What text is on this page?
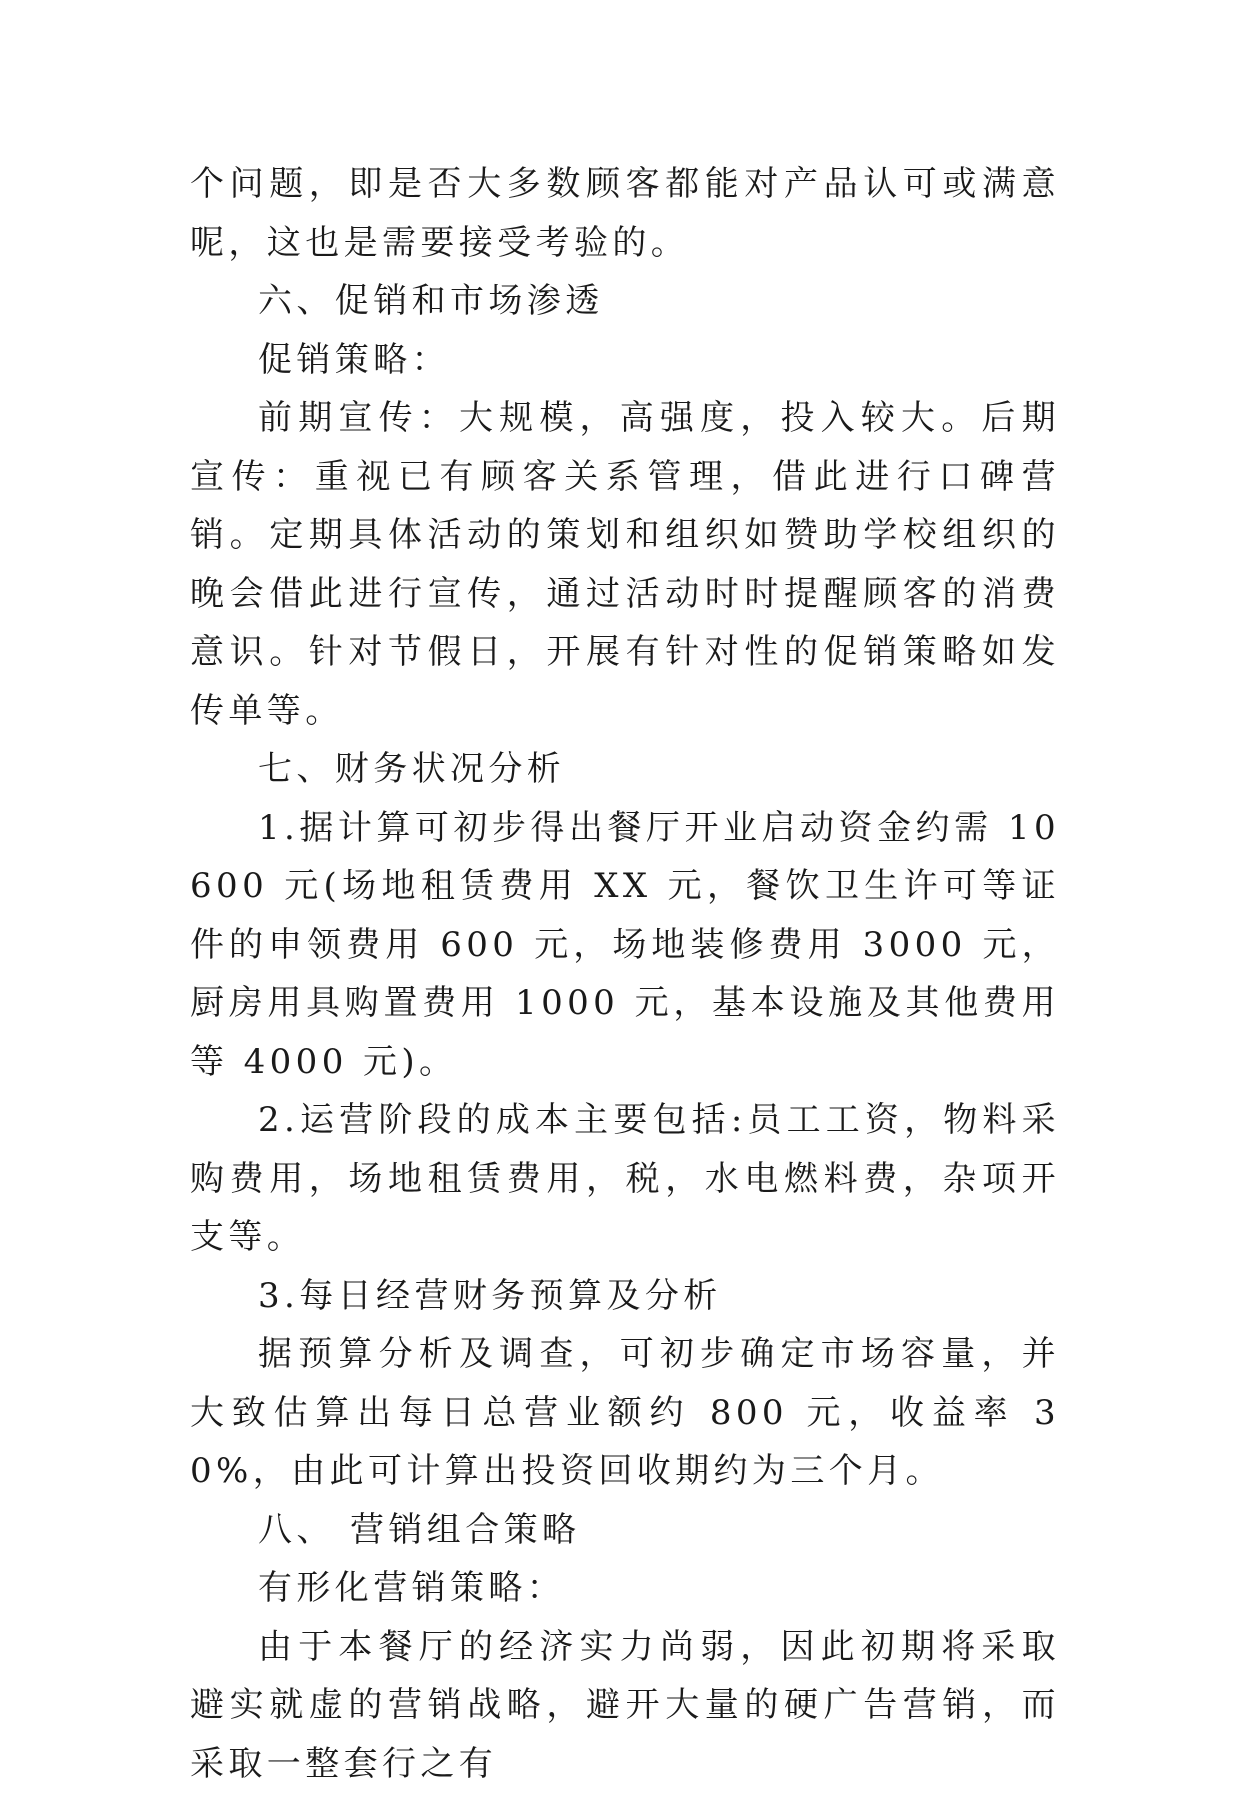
个问题，即是否大多数顾客都能对产品认可或满意呢，这也是需要接受考验的。

六、促销和市场渗透

促销策略：

前期宣传：大规模，高强度，投入较大。后期宣传：重视已有顾客关系管理，借此进行口碑营销。定期具体活动的策划和组织如赞助学校组织的晚会借此进行宣传，通过活动时时提醒顾客的消费意识。针对节假日，开展有针对性的促销策略如发传单等。

七、财务状况分析

1.据计算可初步得出餐厅开业启动资金约需 10600 元(场地租赁费用 XX 元，餐饮卫生许可等证件的申领费用 600 元，场地装修费用 3000 元，厨房用具购置费用 1000 元，基本设施及其他费用等 4000 元)。

2.运营阶段的成本主要包括:员工工资，物料采购费用，场地租赁费用，税，水电燃料费，杂项开支等。

3.每日经营财务预算及分析

据预算分析及调查，可初步确定市场容量，并大致估算出每日总营业额约 800 元，收益率 30%，由此可计算出投资回收期约为三个月。

八、 营销组合策略

有形化营销策略：

由于本餐厅的经济实力尚弱，因此初期将采取避实就虚的营销战略，避开大量的硬广告营销，而采取一整套行之有
